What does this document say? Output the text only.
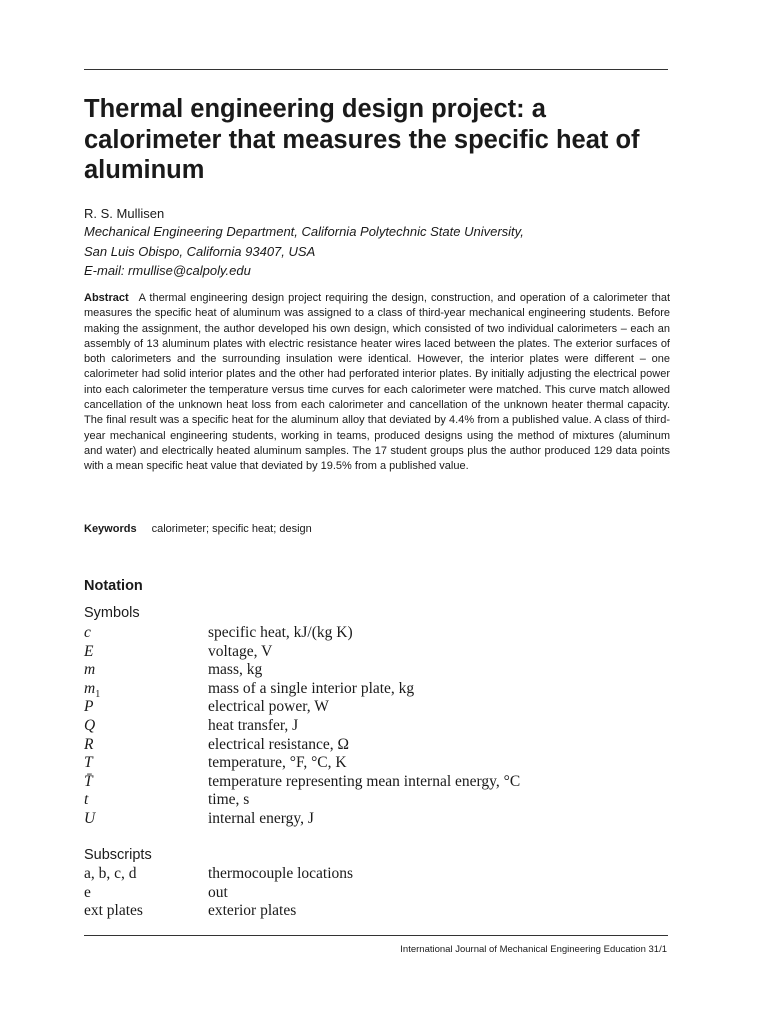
Thermal engineering design project: a calorimeter that measures the specific heat of aluminum

R. S. Mullisen

Mechanical Engineering Department, California Polytechnic State University,
San Luis Obispo, California 93407, USA
E-mail: rmullise@calpoly.edu

Abstract A thermal engineering design project requiring the design, construction, and operation of a calorimeter that measures the specific heat of aluminum was assigned to a class of third-year mechanical engineering students. Before making the assignment, the author developed his own design, which consisted of two individual calorimeters – each an assembly of 13 aluminum plates with electric resistance heater wires laced between the plates. The exterior surfaces of both calorimeters and the surrounding insulation were identical. However, the interior plates were different – one calorimeter had solid interior plates and the other had perforated interior plates. By initially adjusting the electrical power into each calorimeter the temperature versus time curves for each calorimeter were matched. This curve match allowed cancellation of the unknown heat loss from each calorimeter and cancellation of the unknown heater thermal capacity. The final result was a specific heat for the aluminum alloy that deviated by 4.4% from a published value. A class of third-year mechanical engineering students, working in teams, produced designs using the method of mixtures (aluminum and water) and electrically heated aluminum samples. The 17 student groups plus the author produced 129 data points with a mean specific heat value that deviated by 19.5% from a published value.

Keywords calorimeter; specific heat; design

Notation

Symbols

c	specific heat, kJ/(kg K)
E	voltage, V
m	mass, kg
$m_1$	mass of a single interior plate, kg
P	electrical power, W
Q	heat transfer, J
R	electrical resistance, Ω
T	temperature, °F, °C, K
T̄	temperature representing mean internal energy, °C
t	time, s
U	internal energy, J

Subscripts

a, b, c, d	thermocouple locations
e	out
ext plates	exterior plates

International Journal of Mechanical Engineering Education 31/1
